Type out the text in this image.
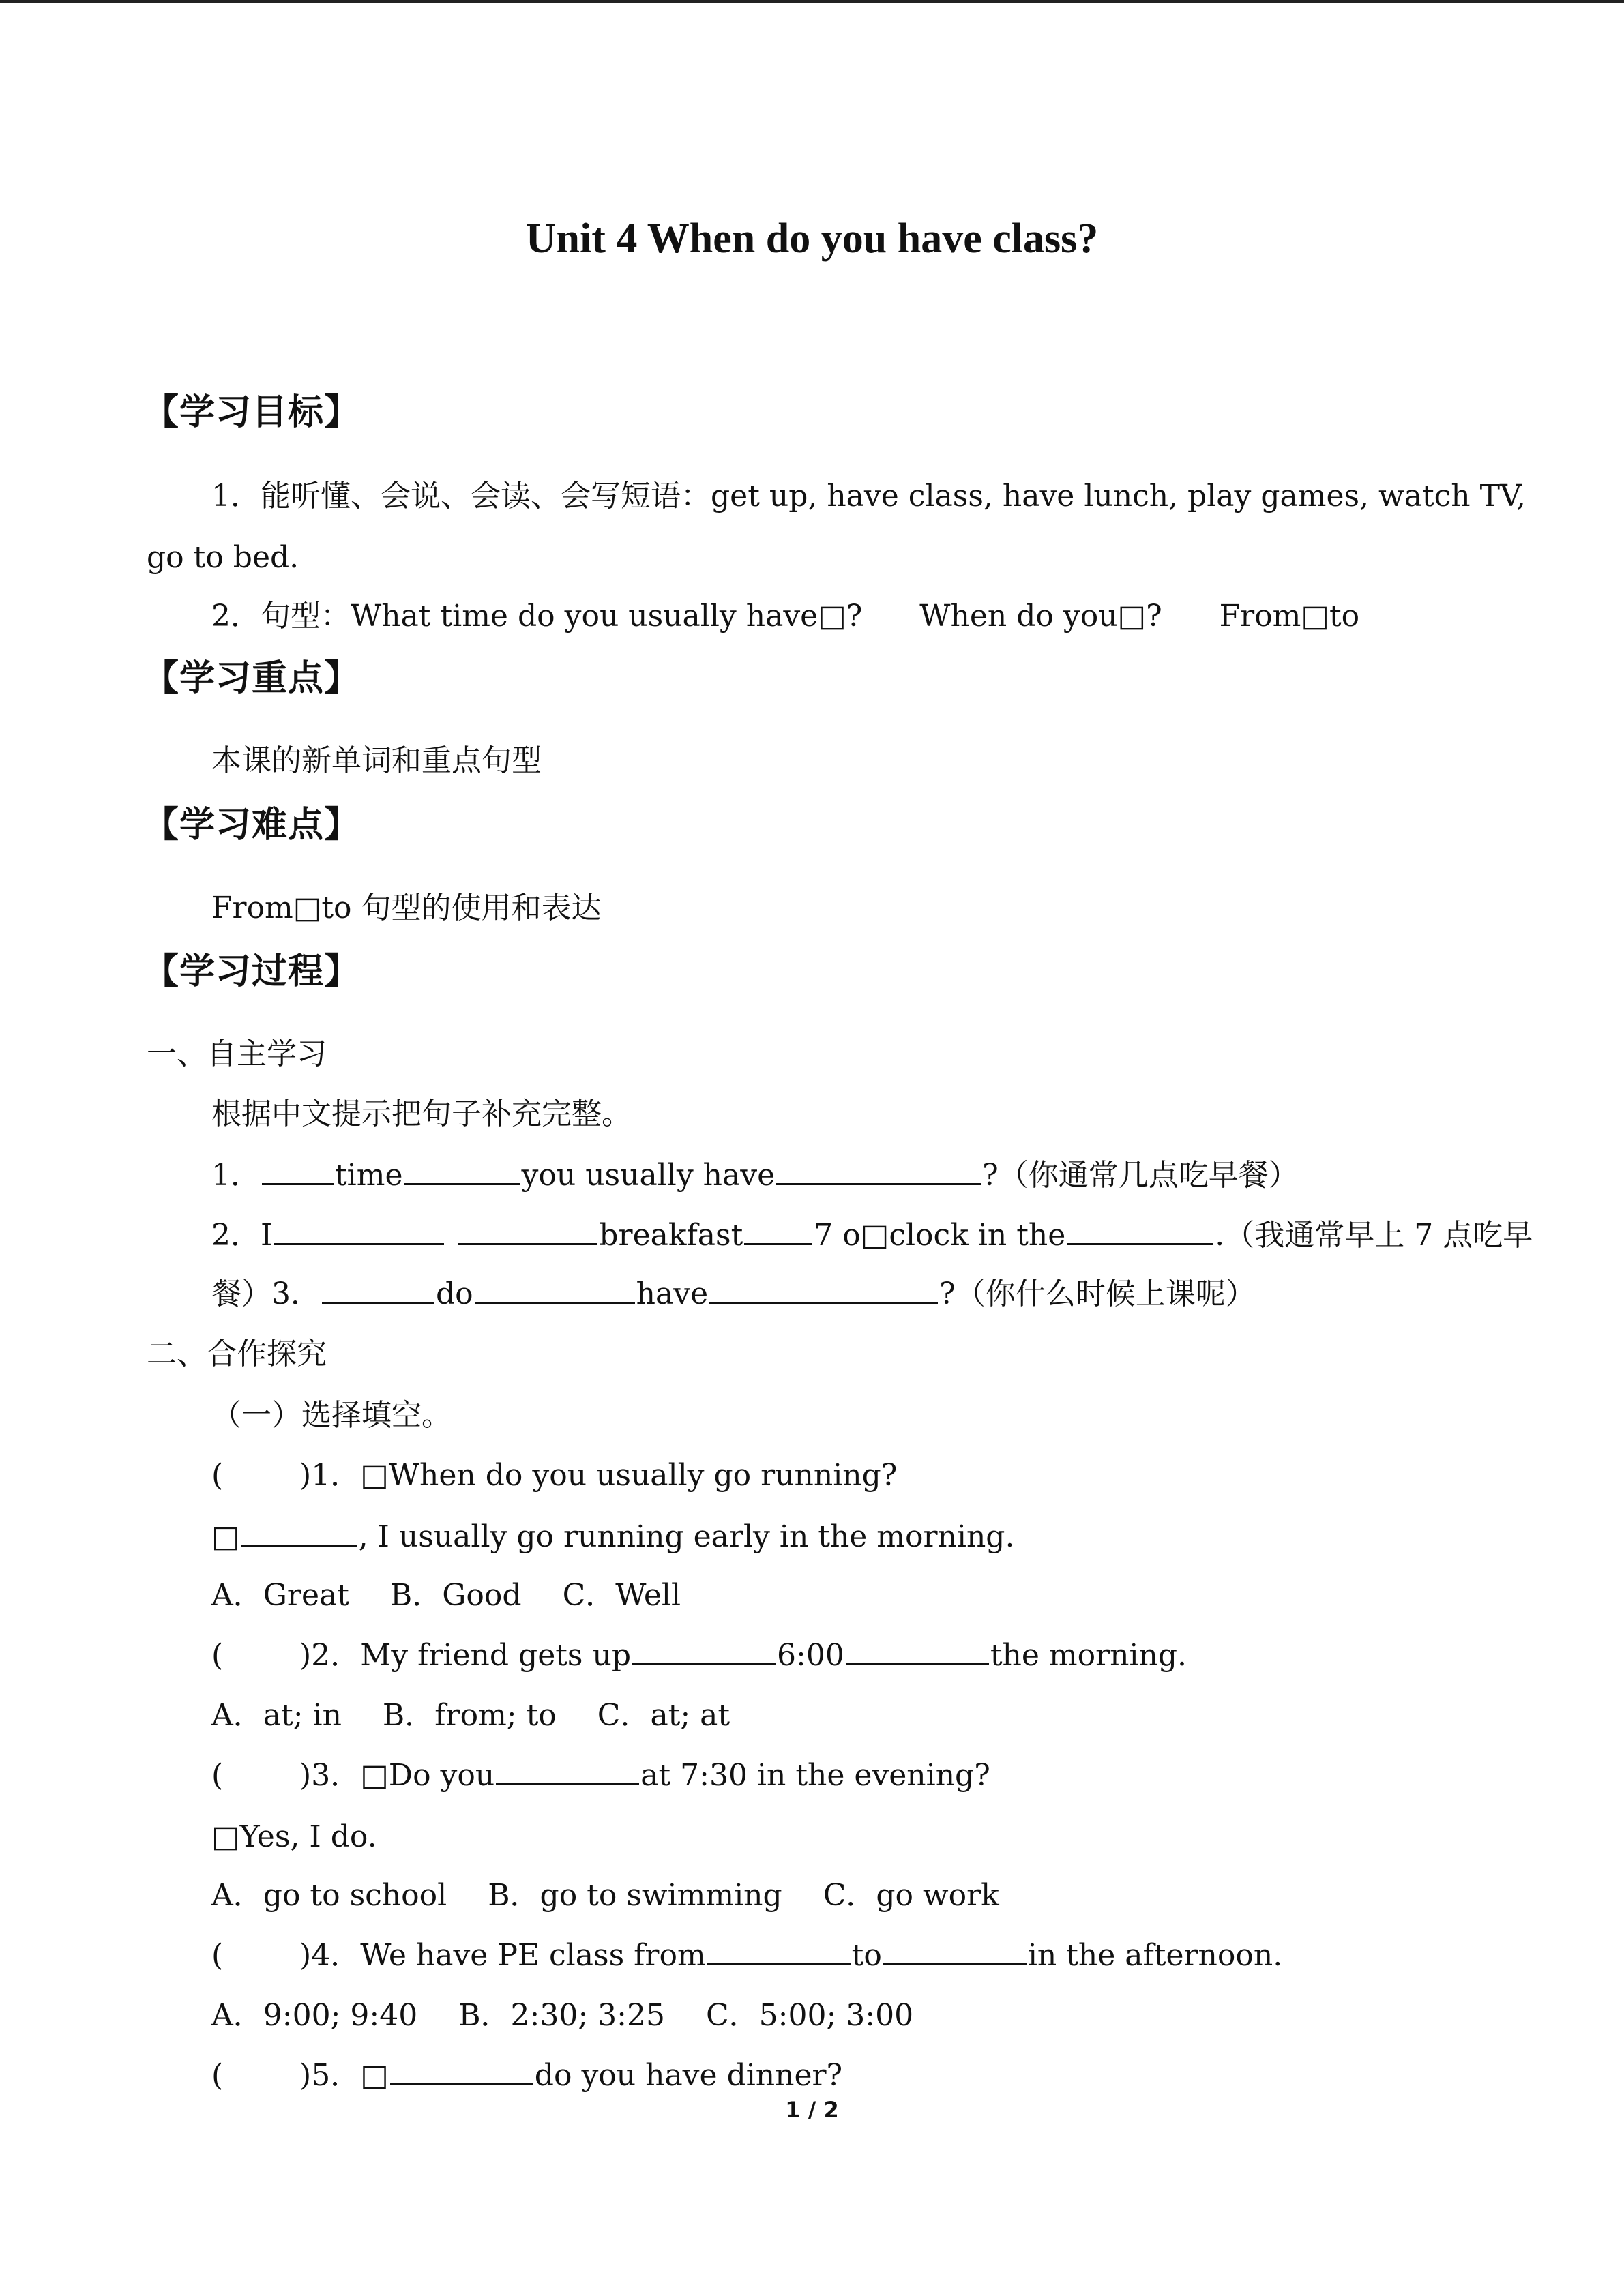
Unit 4 When do you have class?
【学习目标】
1．能听懂、会说、会读、会写短语：get up, have class, have lunch, play games, watch TV,
go to bed.
2．句型：What time do you usually have□?      When do you□?      From□to
【学习重点】
本课的新单词和重点句型
【学习难点】
From□to 句型的使用和表达
【学习过程】
一、自主学习
根据中文提示把句子补充完整。
1． time	you usually have	?（你通常几点吃早餐）
2．I	breakfast 7 o□clock in the	.（我通常早上 7 点吃早
餐）3．	do	have	?（你什么时候上课呢）
二、合作探究
（一）选择填空。
(        )1．□When do you usually go running?
□	, I usually go running early in the morning.
A．Great B．Good C．Well
(        )2．My friend gets up	6:00	the morning.
A．at; in B．from; to C．at; at
(        )3．□Do you	at 7:30 in the evening?
□Yes, I do.
A．go to school B．go to swimming C．go work
(        )4．We have PE class from	to	in the afternoon.
A．9:00; 9:40 B．2:30; 3:25 C．5:00; 3:00
(        )5．□	do you have dinner?
1 / 2
